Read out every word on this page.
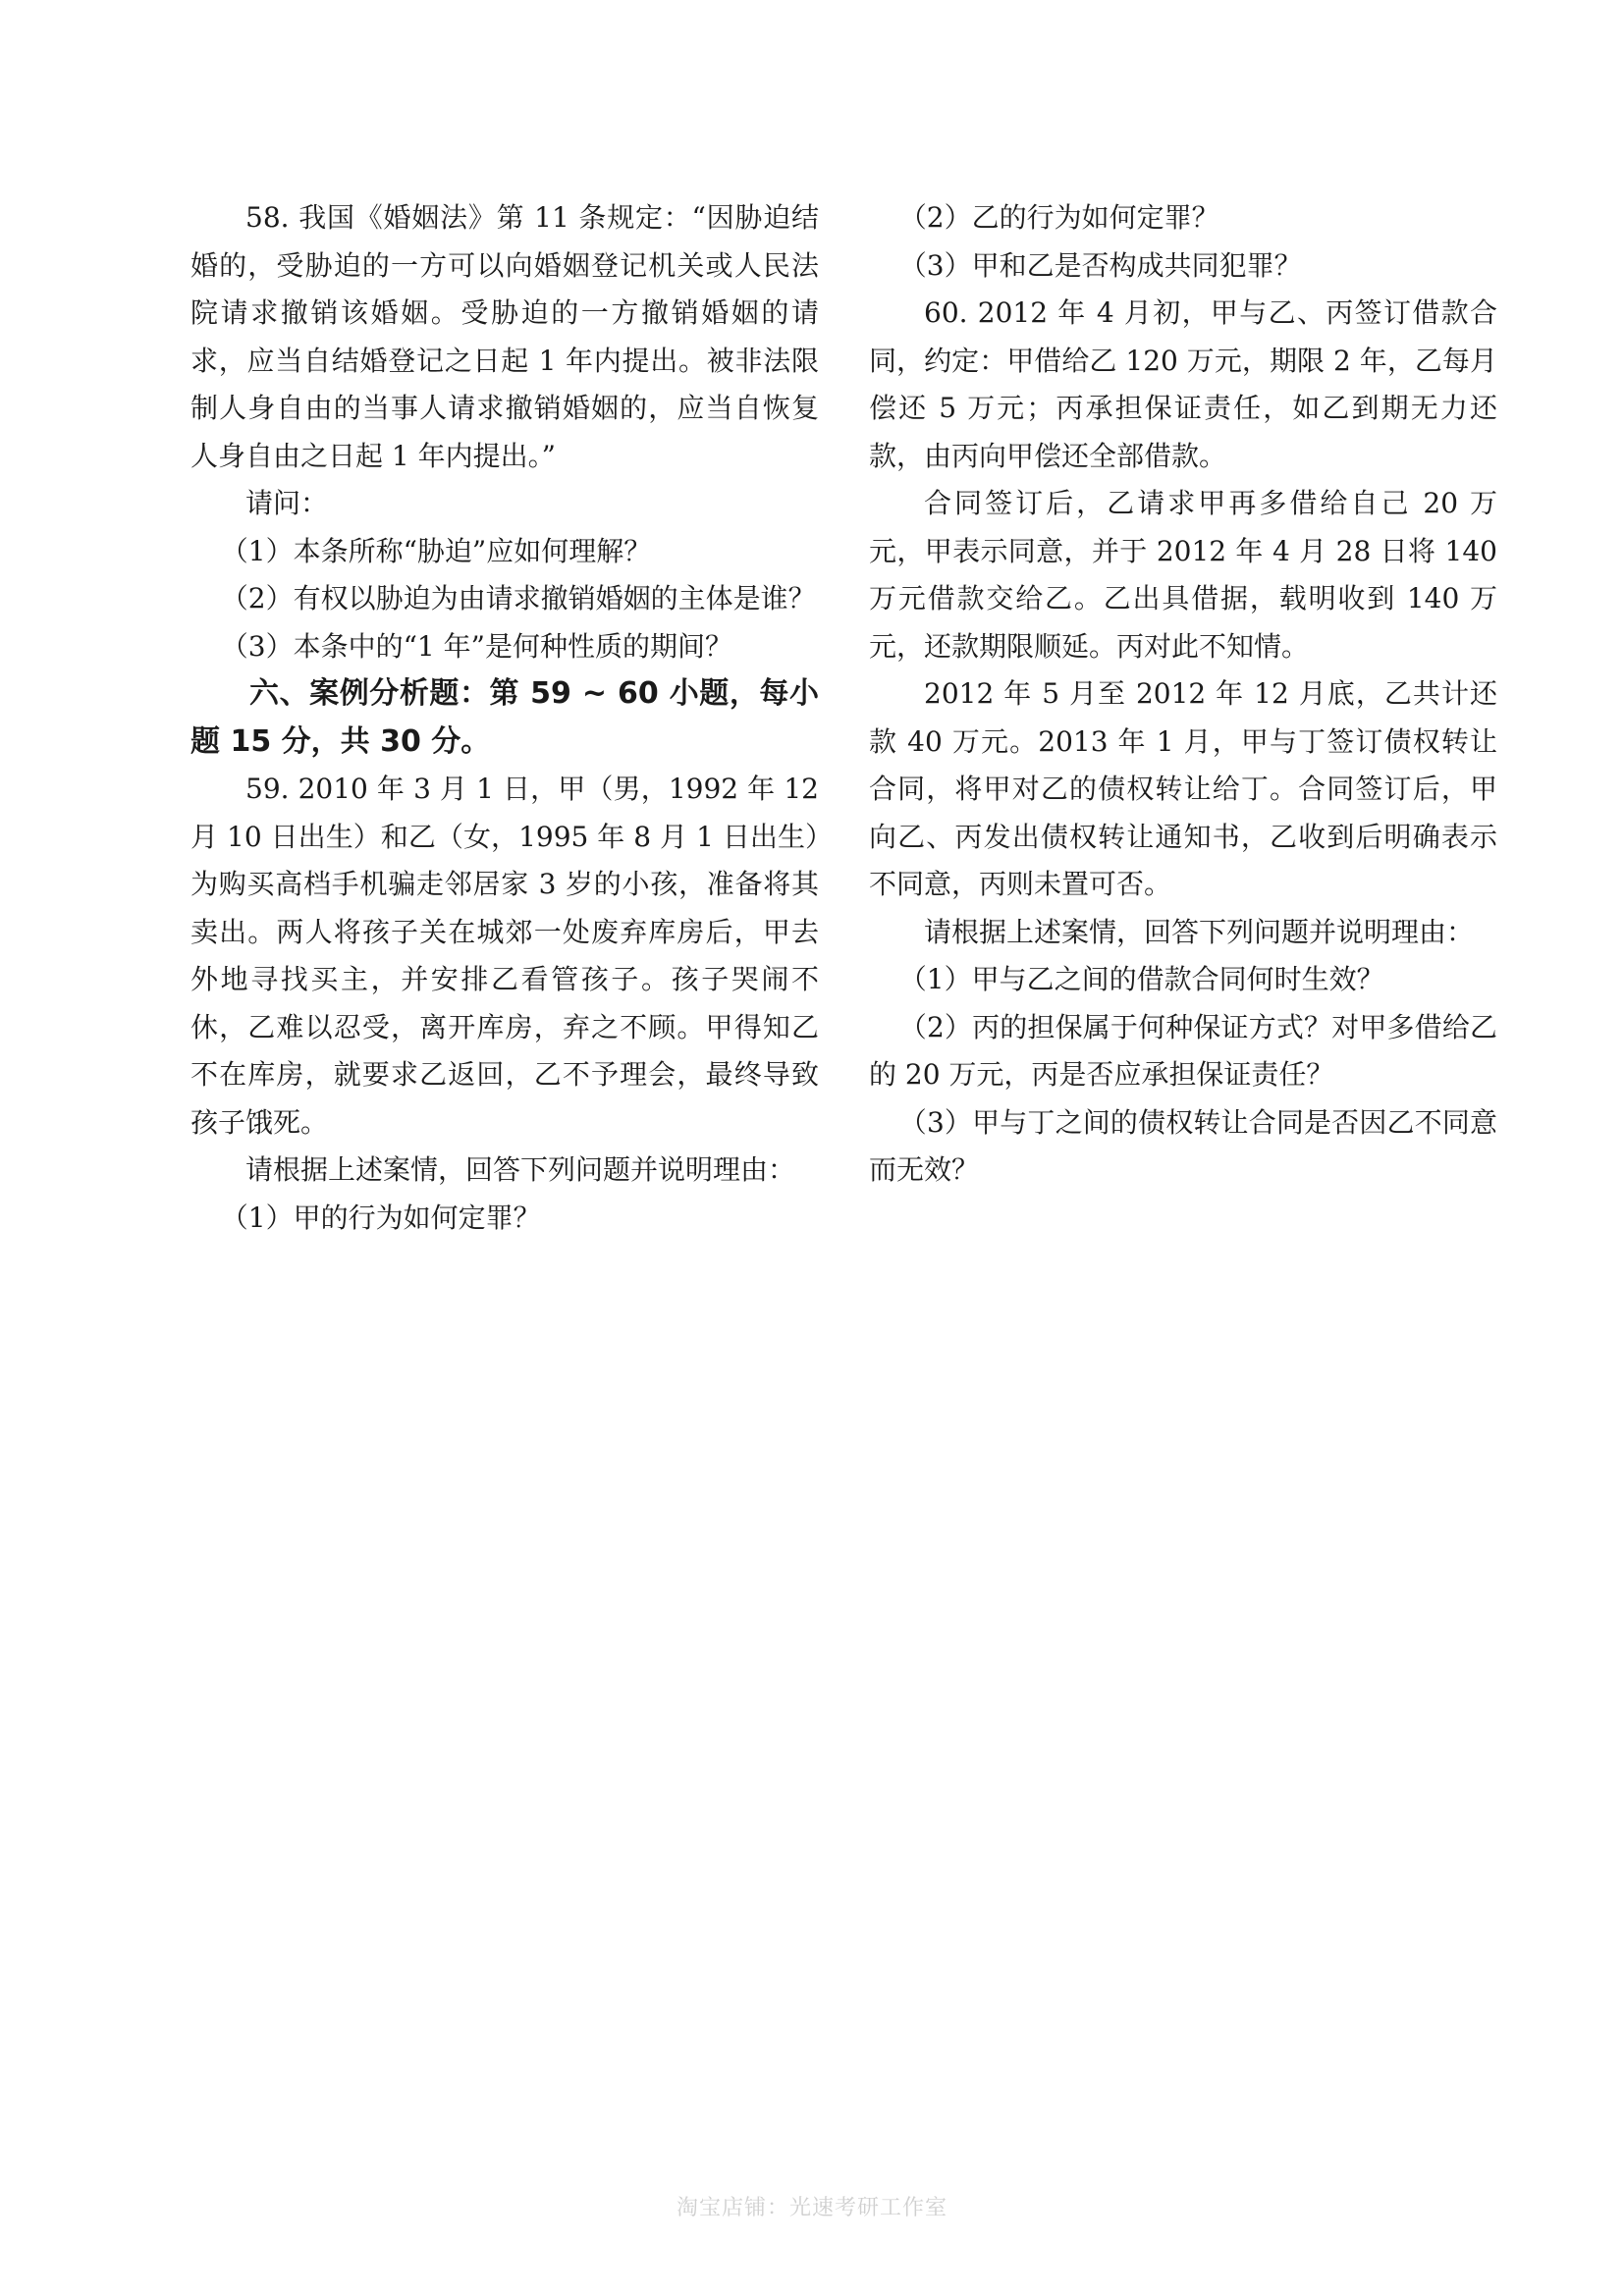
58. 我国《婚姻法》第 11 条规定：“因胁迫结婚的，受胁迫的一方可以向婚姻登记机关或人民法院请求撤销该婚姻。受胁迫的一方撤销婚姻的请求，应当自结婚登记之日起 1 年内提出。被非法限制人身自由的当事人请求撤销婚姻的，应当自恢复人身自由之日起 1 年内提出。”

请问：

（1）本条所称“胁迫”应如何理解？

（2）有权以胁迫为由请求撤销婚姻的主体是谁？

（3）本条中的“1 年”是何种性质的期间？

六、案例分析题：第 59 ~ 60 小题，每小题 15 分，共 30 分。

59. 2010 年 3 月 1 日，甲（男，1992 年 12 月 10 日出生）和乙（女，1995 年 8 月 1 日出生）为购买高档手机骗走邻居家 3 岁的小孩，准备将其卖出。两人将孩子关在城郊一处废弃库房后，甲去外地寻找买主，并安排乙看管孩子。孩子哭闹不休，乙难以忍受，离开库房，弃之不顾。甲得知乙不在库房，就要求乙返回，乙不予理会，最终导致孩子饿死。

请根据上述案情，回答下列问题并说明理由：

（1）甲的行为如何定罪？

（2）乙的行为如何定罪？

（3）甲和乙是否构成共同犯罪？

60. 2012 年 4 月初，甲与乙、丙签订借款合同，约定：甲借给乙 120 万元，期限 2 年，乙每月偿还 5 万元；丙承担保证责任，如乙到期无力还款，由丙向甲偿还全部借款。

合同签订后，乙请求甲再多借给自己 20 万元，甲表示同意，并于 2012 年 4 月 28 日将 140 万元借款交给乙。乙出具借据，载明收到 140 万元，还款期限顺延。丙对此不知情。

2012 年 5 月至 2012 年 12 月底，乙共计还款 40 万元。2013 年 1 月，甲与丁签订债权转让合同，将甲对乙的债权转让给丁。合同签订后，甲向乙、丙发出债权转让通知书，乙收到后明确表示不同意，丙则未置可否。

请根据上述案情，回答下列问题并说明理由：

（1）甲与乙之间的借款合同何时生效？

（2）丙的担保属于何种保证方式？对甲多借给乙的 20 万元，丙是否应承担保证责任？

（3）甲与丁之间的债权转让合同是否因乙不同意而无效？

淘宝店铺：光速考研工作室
